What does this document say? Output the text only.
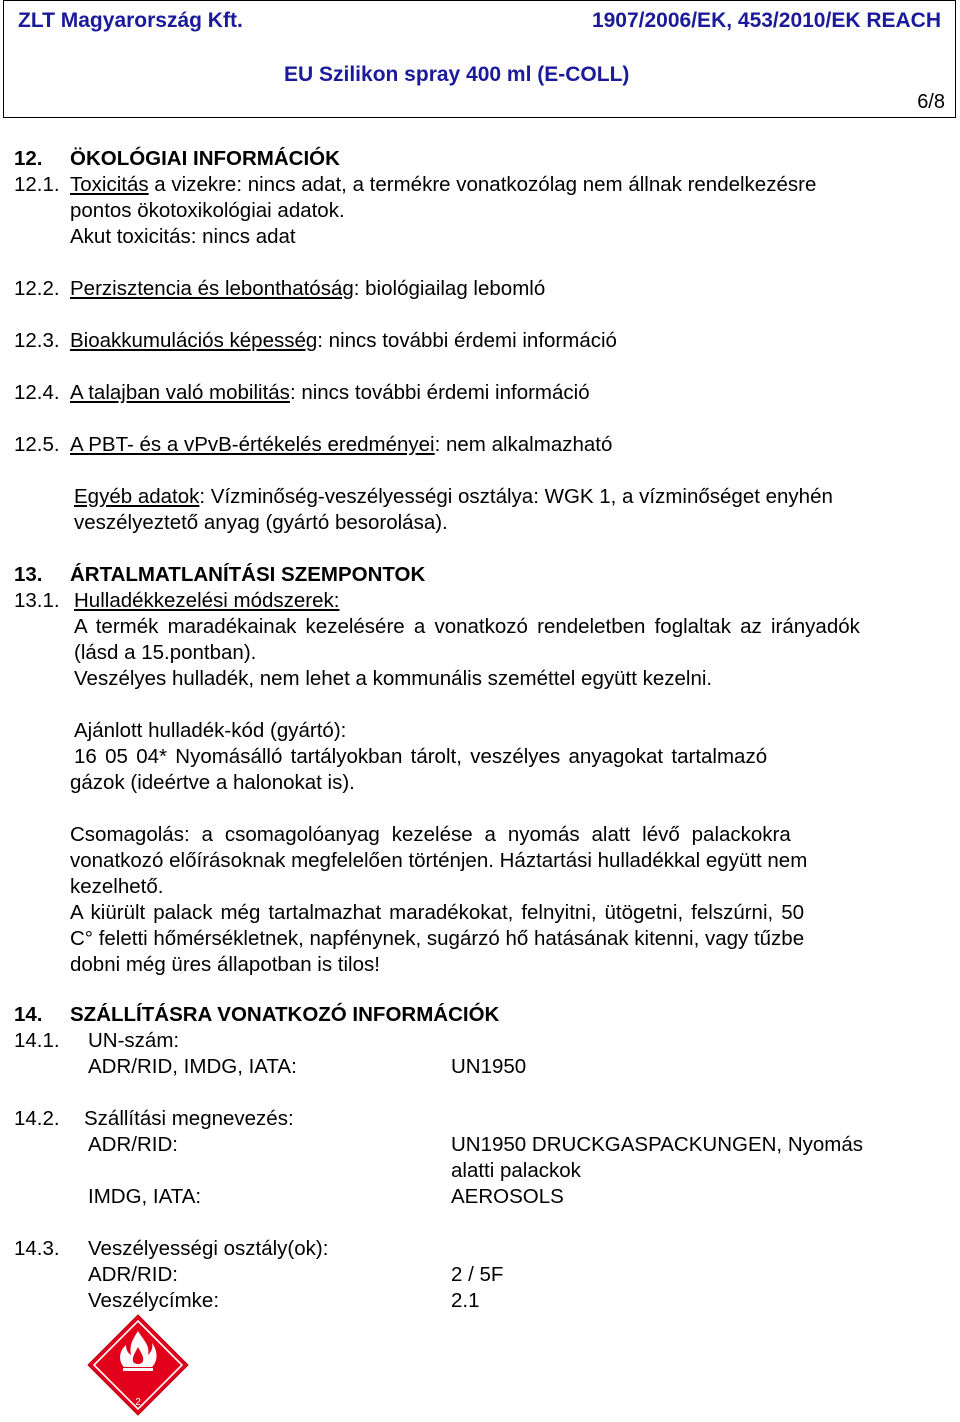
ZLT Magyarország Kft.	1907/2006/EK, 453/2010/EK REACH
EU Szilikon spray 400 ml (E-COLL)
6/8
12. ÖKOLÓGIAI INFORMÁCIÓK
12.1. Toxicitás a vizekre: nincs adat, a termékre vonatkozólag nem állnak rendelkezésre
pontos ökotoxikológiai adatok.
Akut toxicitás: nincs adat
12.2. Perzisztencia és lebonthatóság: biológiailag lebomló
12.3. Bioakkumulációs képesség: nincs további érdemi információ
12.4. A talajban való mobilitás: nincs további érdemi információ
12.5. A PBT- és a vPvB-értékelés eredményei: nem alkalmazható
Egyéb adatok: Vízminőség-veszélyességi osztálya: WGK 1, a vízminőséget enyhén
veszélyeztető anyag (gyártó besorolása).
13. ÁRTALMATLANÍTÁSI SZEMPONTOK
13.1. Hulladékkezelési módszerek:
A termék maradékainak kezelésére a vonatkozó rendeletben foglaltak az irányadók
(lásd a 15.pontban).
Veszélyes hulladék, nem lehet a kommunális szeméttel együtt kezelni.
Ajánlott hulladék-kód (gyártó):
16 05 04* Nyomásálló tartályokban tárolt, veszélyes anyagokat tartalmazó
gázok (ideértve a halonokat is).
Csomagolás: a csomagolóanyag kezelése a nyomás alatt lévő palackokra
vonatkozó előírásoknak megfelelően történjen. Háztartási hulladékkal együtt nem
kezelhető.
A kiürült palack még tartalmazhat maradékokat, felnyitni, ütögetni, felszúrni, 50
C° feletti hőmérsékletnek, napfénynek, sugárzó hő hatásának kitenni, vagy tűzbe
dobni még üres állapotban is tilos!
14. SZÁLLÍTÁSRA VONATKOZÓ INFORMÁCIÓK
14.1. UN-szám:
ADR/RID, IMDG, IATA:	UN1950
14.2. Szállítási megnevezés:
ADR/RID:	UN1950 DRUCKGASPACKUNGEN, Nyomás
alatti palackok
IMDG, IATA:	AEROSOLS
14.3. Veszélyességi osztály(ok):
ADR/RID:	2 / 5F
Veszélycímke:	2.1
2
